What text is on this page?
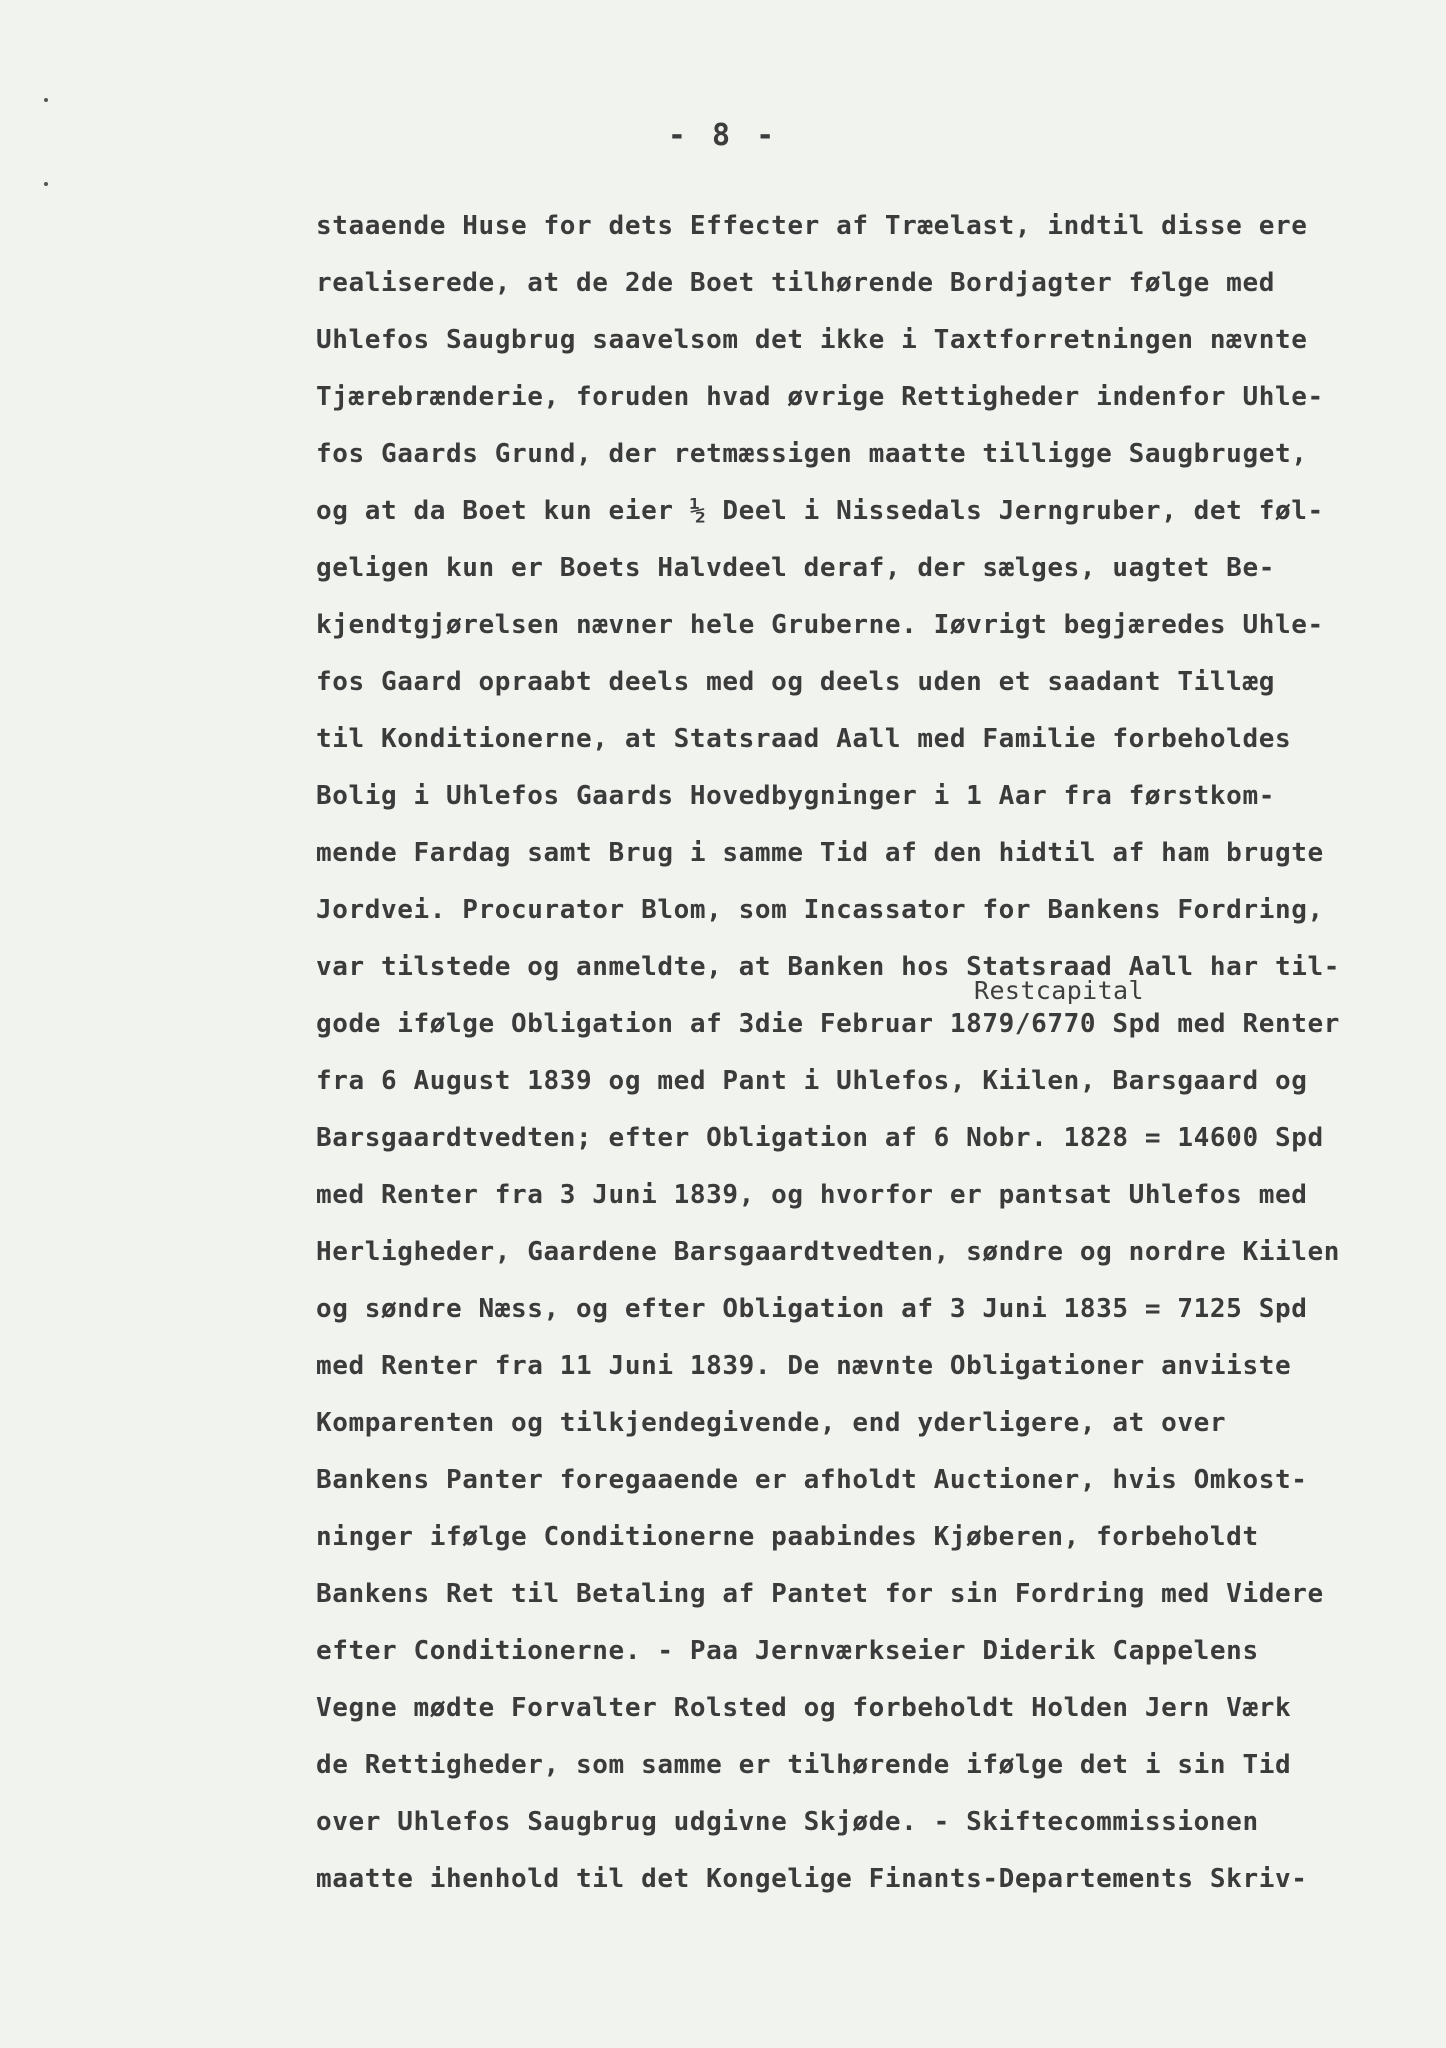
- 8 -
staaende Huse for dets Effecter af Træelast, indtil disse ere
realiserede, at de 2de Boet tilhørende Bordjagter følge med
Uhlefos Saugbrug saavelsom det ikke i Taxtforretningen nævnte
Tjærebrænderie, foruden hvad øvrige Rettigheder indenfor Uhle-
fos Gaards Grund, der retmæssigen maatte tilligge Saugbruget,
og at da Boet kun eier ½ Deel i Nissedals Jerngruber, det føl-
geligen kun er Boets Halvdeel deraf, der sælges, uagtet Be-
kjendtgjørelsen nævner hele Gruberne. Iøvrigt begjæredes Uhle-
fos Gaard opraabt deels med og deels uden et saadant Tillæg
til Konditionerne, at Statsraad Aall med Familie forbeholdes
Bolig i Uhlefos Gaards Hovedbygninger i 1 Aar fra førstkom-
mende Fardag samt Brug i samme Tid af den hidtil af ham brugte
Jordvei. Procurator Blom, som Incassator for Bankens Fordring,
var tilstede og anmeldte, at Banken hos Statsraad Aall har til-
gode ifølge Obligation af 3die Februar 1879/6770 Spd med Renter
fra 6 August 1839 og med Pant i Uhlefos, Kiilen, Barsgaard og
Barsgaardtvedten; efter Obligation af 6 Nobr. 1828 = 14600 Spd
med Renter fra 3 Juni 1839, og hvorfor er pantsat Uhlefos med
Herligheder, Gaardene Barsgaardtvedten, søndre og nordre Kiilen
og søndre Næss, og efter Obligation af 3 Juni 1835 = 7125 Spd
med Renter fra 11 Juni 1839. De nævnte Obligationer anviiste
Komparenten og tilkjendegivende, end yderligere, at over
Bankens Panter foregaaende er afholdt Auctioner, hvis Omkost-
ninger ifølge Conditionerne paabindes Kjøberen, forbeholdt
Bankens Ret til Betaling af Pantet for sin Fordring med Videre
efter Conditionerne. - Paa Jernværkseier Diderik Cappelens
Vegne mødte Forvalter Rolsted og forbeholdt Holden Jern Værk
de Rettigheder, som samme er tilhørende ifølge det i sin Tid
over Uhlefos Saugbrug udgivne Skjøde. - Skiftecommissionen
maatte ihenhold til det Kongelige Finants-Departements Skriv-
Restcapital
